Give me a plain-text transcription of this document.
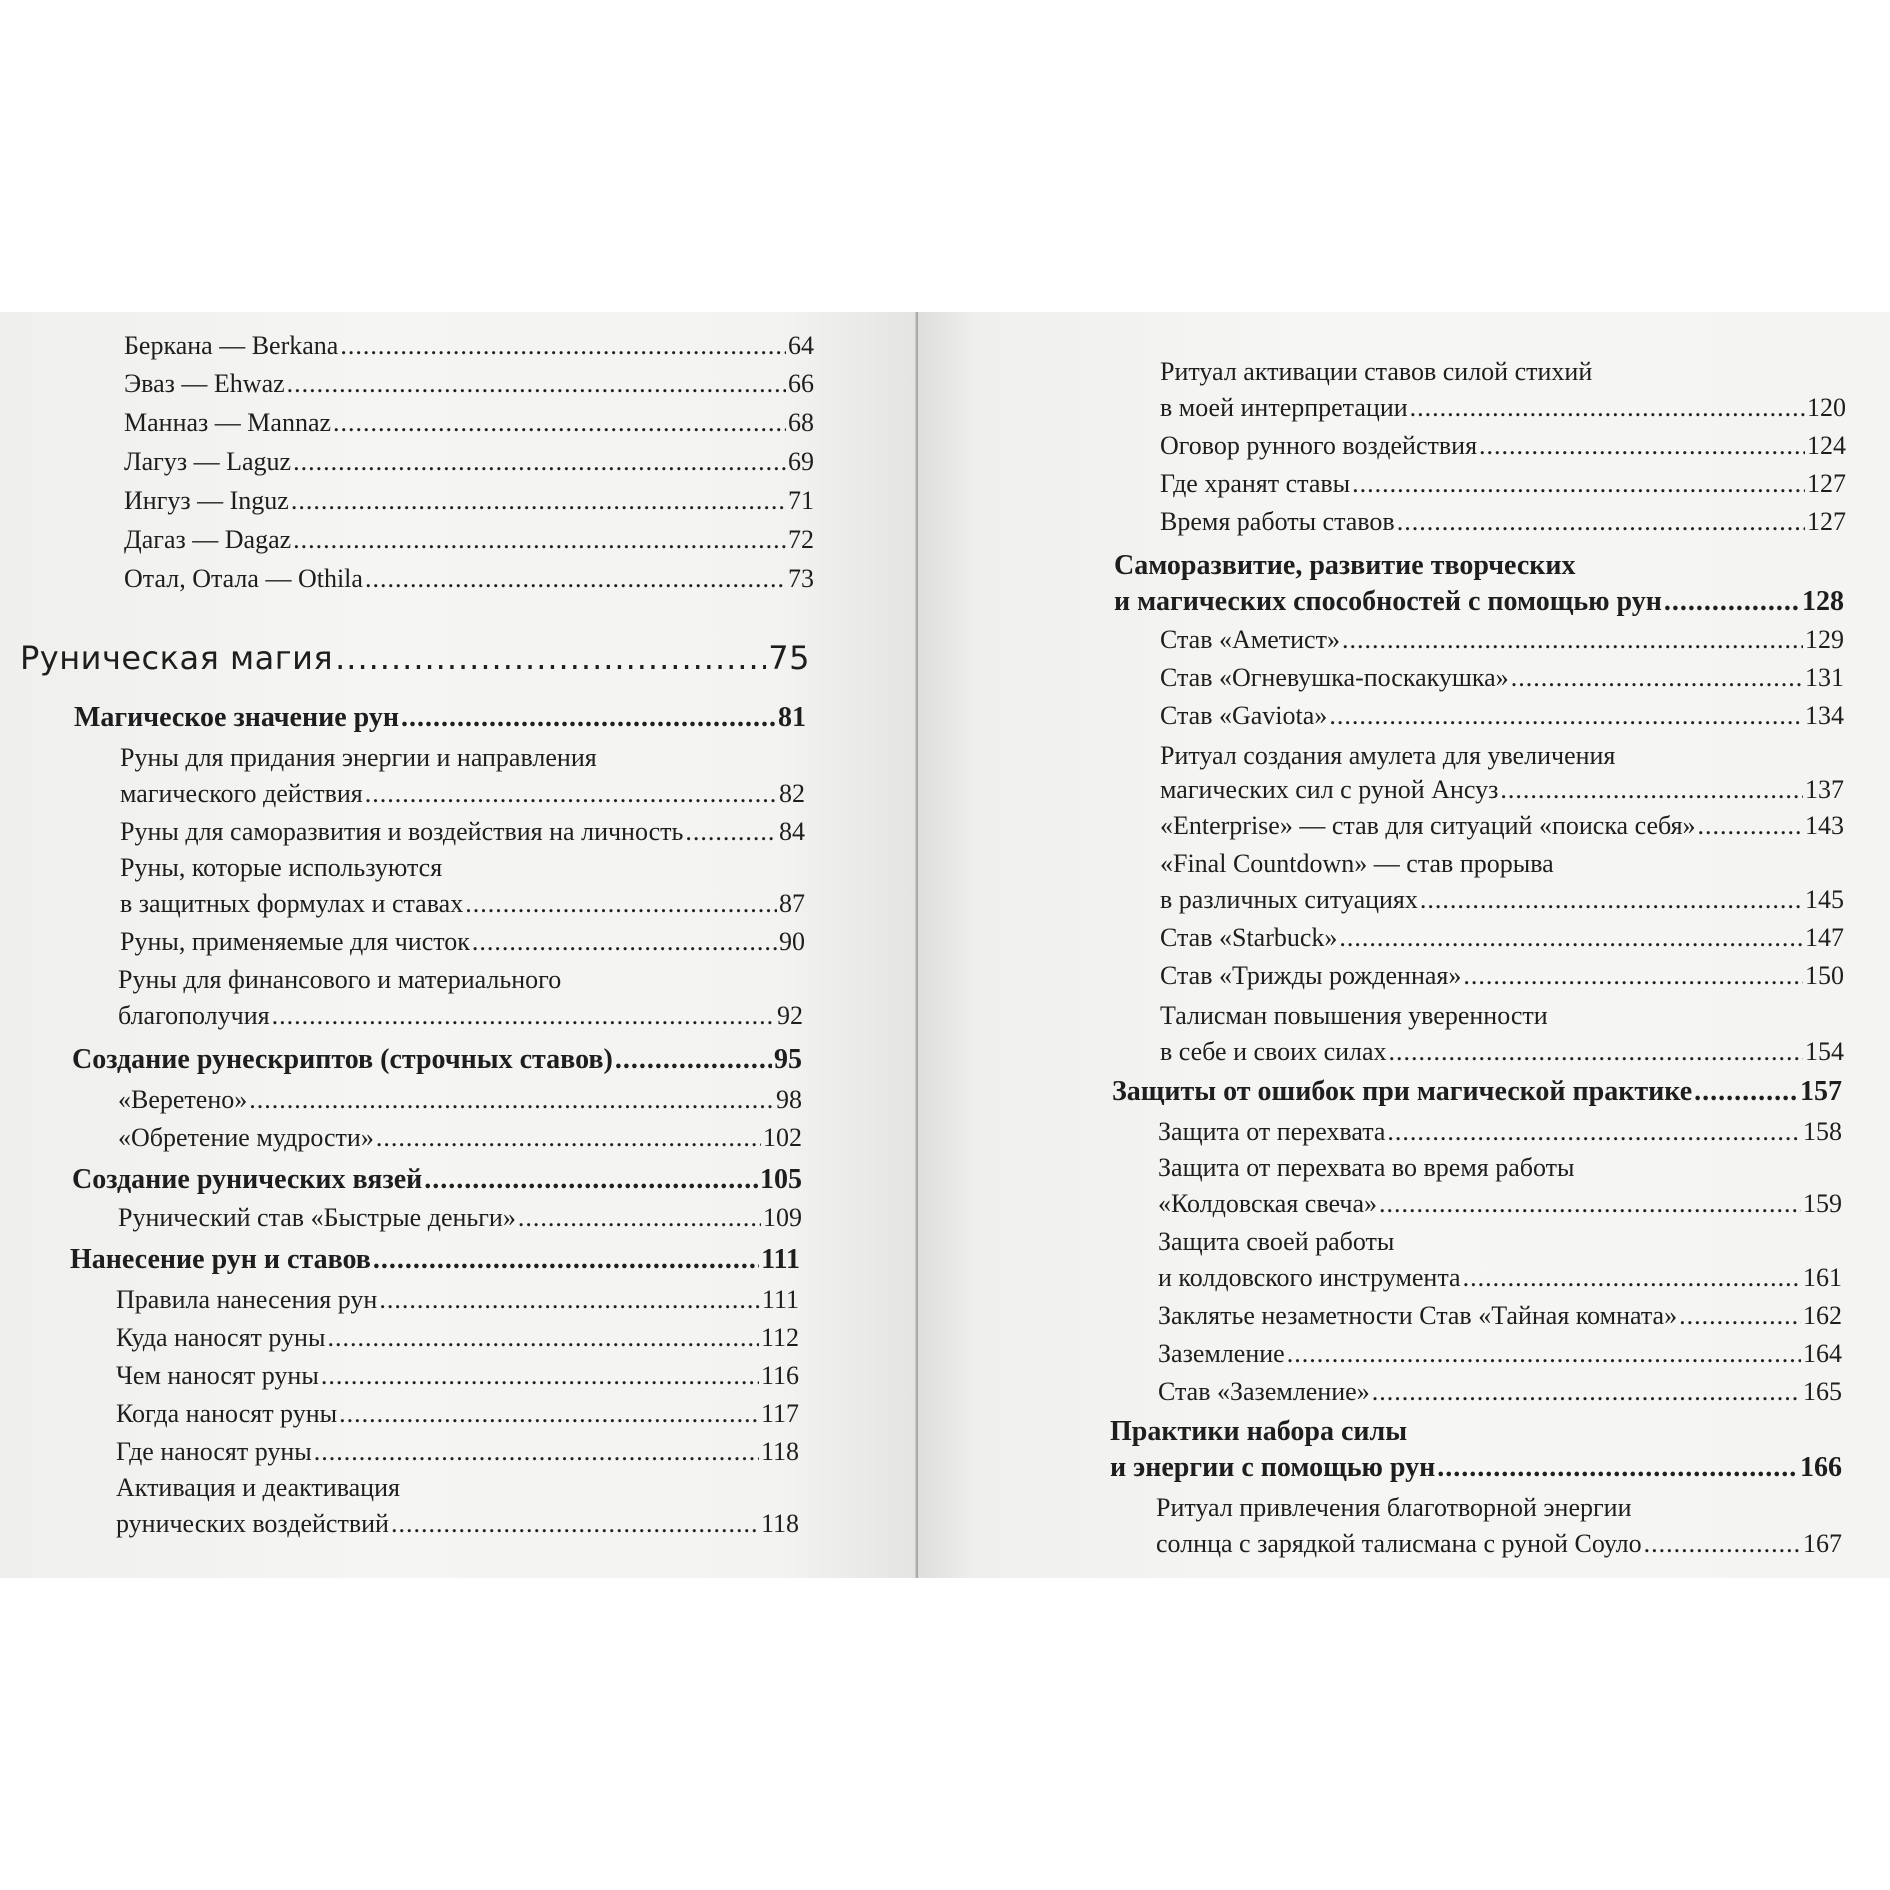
Беркана — Berkana .....	64
Эваз — Ehwaz .....	66
Манназ — Mannaz .....	68
Лагуз — Laguz .....	69
Ингуз — Inguz .....	71
Дагаз — Dagaz .....	72
Отал, Отала — Othila .....	73
Руническая магия .....	75
Магическое значение рун .....	81
Руны для придания энергии и направления
магического действия .....	82
Руны для саморазвития и воздействия на личность .....	84
Руны, которые используются
в защитных формулах и ставах .....	87
Руны, применяемые для чисток .....	90
Руны для финансового и материального
благополучия .....	92
Создание рунескриптов (строчных ставов) .....	95
«Веретено» .....	98
«Обретение мудрости» .....	102
Создание рунических вязей .....	105
Рунический став «Быстрые деньги» .....	109
Нанесение рун и ставов .....	111
Правила нанесения рун .....	111
Куда наносят руны .....	112
Чем наносят руны .....	116
Когда наносят руны .....	117
Где наносят руны .....	118
Активация и деактивация
рунических воздействий .....	118
Ритуал активации ставов силой стихий
в моей интерпретации .....	120
Оговор рунного воздействия .....	124
Где хранят ставы .....	127
Время работы ставов .....	127
Саморазвитие, развитие творческих
и магических способностей с помощью рун .....	128
Став «Аметист» .....	129
Став «Огневушка-поскакушка» .....	131
Став «Gaviota» .....	134
Ритуал создания амулета для увеличения
магических сил с руной Ансуз .....	137
«Enterprise» — став для ситуаций «поиска себя» .....	143
«Final Countdown» — став прорыва
в различных ситуациях .....	145
Став «Starbuck» .....	147
Став «Трижды рожденная» .....	150
Талисман повышения уверенности
в себе и своих силах .....	154
Защиты от ошибок при магической практике .....	157
Защита от перехвата .....	158
Защита от перехвата во время работы
«Колдовская свеча» .....	159
Защита своей работы
и колдовского инструмента .....	161
Заклятье незаметности Став «Тайная комната» .....	162
Заземление .....	164
Став «Заземление» .....	165
Практики набора силы
и энергии с помощью рун .....	166
Ритуал привлечения благотворной энергии
солнца с зарядкой талисмана с руной Соуло .....	167
